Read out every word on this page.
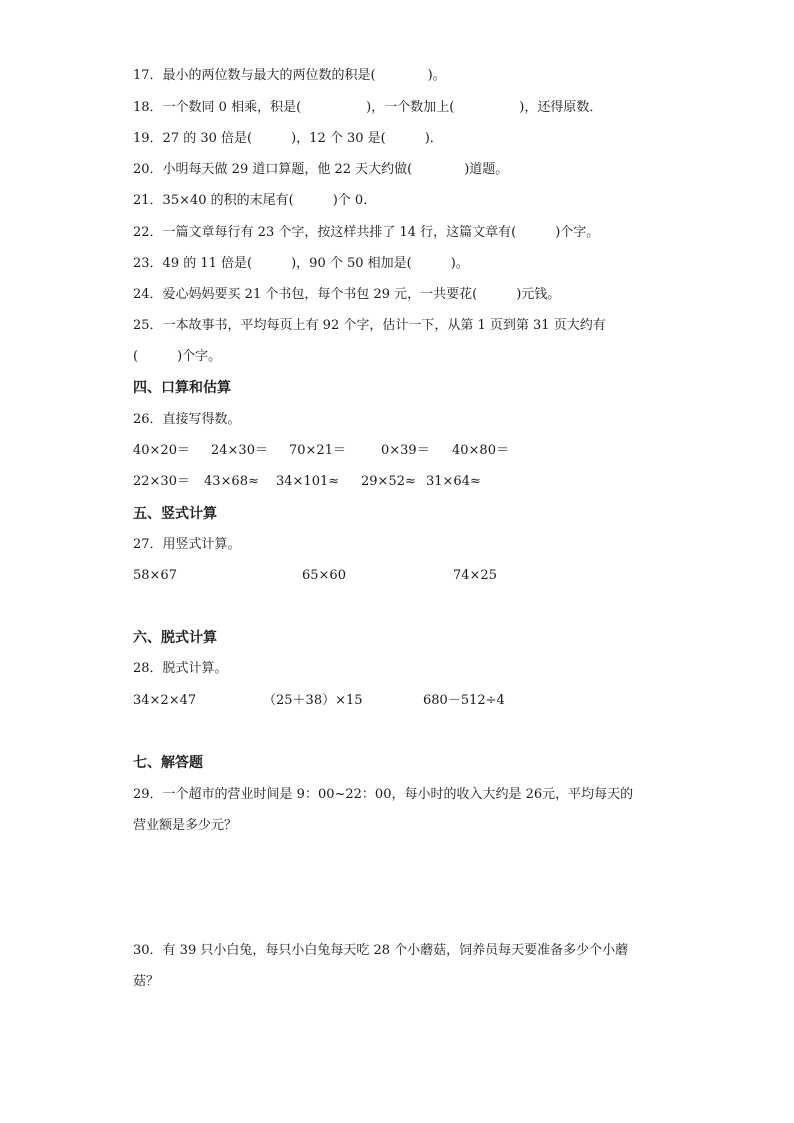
17．最小的两位数与最大的两位数的积是(　　　　)。
18．一个数同 0 相乘，积是(　　　　　)，一个数加上(　　　　　)，还得原数．
19．27 的 30 倍是(　　　)，12 个 30 是(　　　)．
20．小明每天做 29 道口算题，他 22 天大约做(　　　　)道题。
21．35×40 的积的末尾有(　　　)个 0．
22．一篇文章每行有 23 个字，按这样共排了 14 行，这篇文章有(　　　)个字。
23．49 的 11 倍是(　　　)，90 个 50 相加是(　　　)。
24．爱心妈妈要买 21 个书包，每个书包 29 元，一共要花(　　　)元钱。
25．一本故事书，平均每页上有 92 个字，估计一下，从第 1 页到第 31 页大约有
(　　　)个字。
四、口算和估算
26．直接写得数。
40×20＝ 24×30＝ 70×21＝	0×39＝ 40×80＝
22×30＝ 43×68≈ 34×101≈ 29×52≈ 31×64≈
五、竖式计算
27．用竖式计算。
58×67	65×60	74×25
六、脱式计算
28．脱式计算。
34×2×47	（25＋38）×15	680－512÷4
七、解答题
29．一个超市的营业时间是 9：00~22：00，每小时的收入大约是 26元，平均每天的
营业额是多少元？
30．有 39 只小白兔，每只小白兔每天吃 28 个小蘑菇，饲养员每天要准备多少个小蘑
菇？
